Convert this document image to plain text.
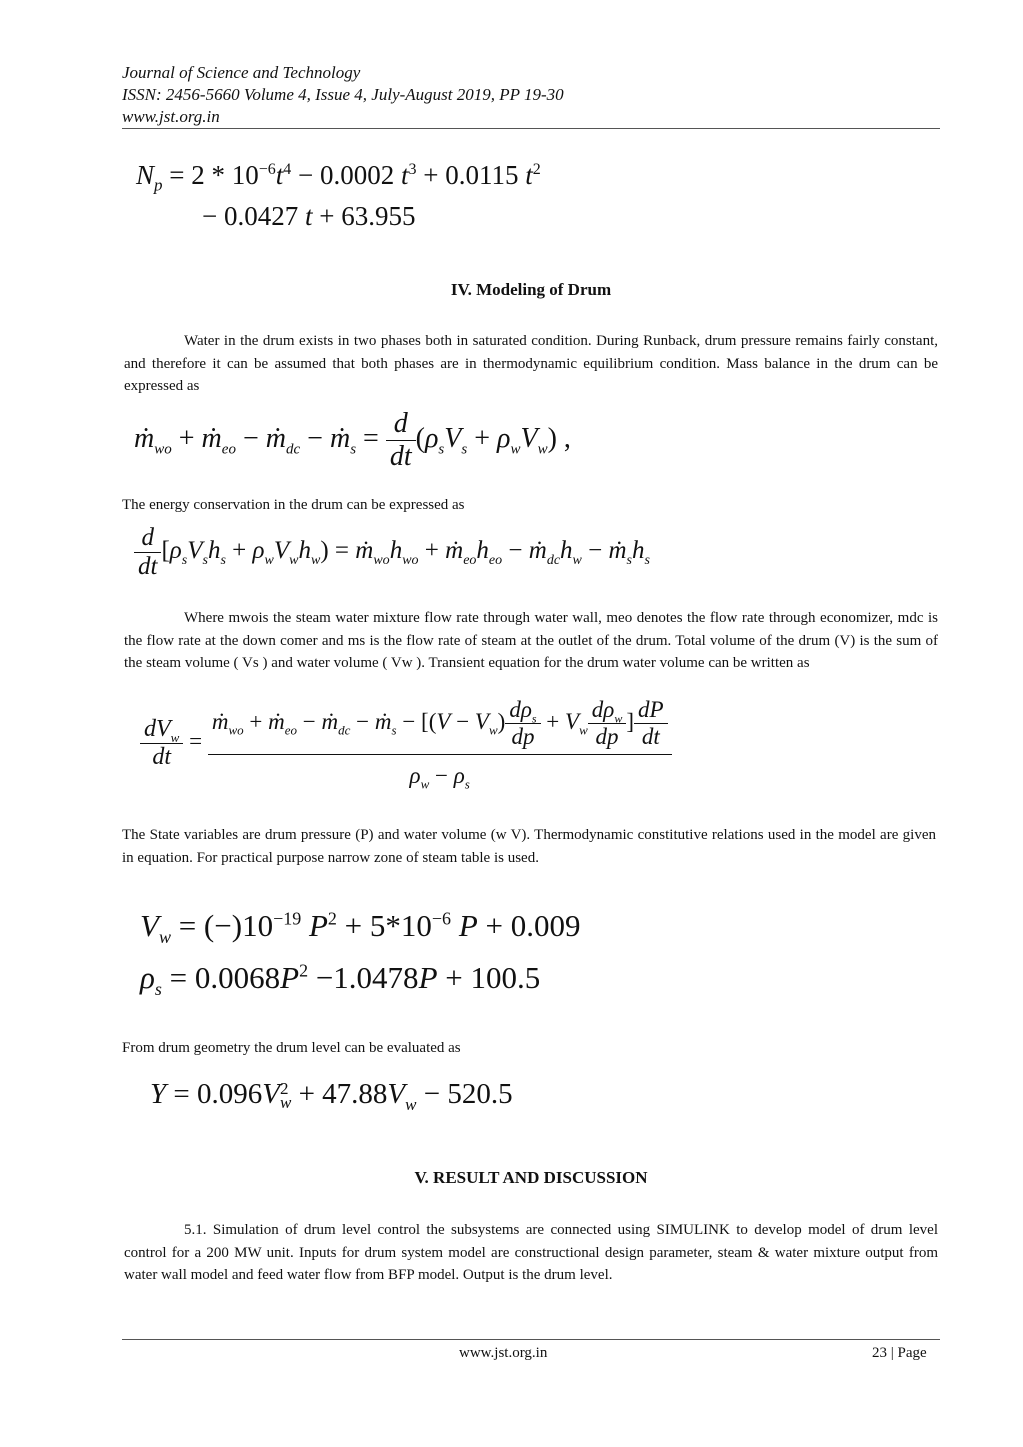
Journal of Science and Technology
ISSN: 2456-5660 Volume 4, Issue 4, July-August 2019, PP 19-30
www.jst.org.in
$N_p = 2 * 10^{-6}t^4 - 0.0002$ $t^3 + 0.0115$ $t^2$
− 0.0427 t + 63.955
IV. Modeling of Drum
Water in the drum exists in two phases both in saturated condition. During Runback, drum pressure remains fairly constant, and therefore it can be assumed that both phases are in thermodynamic equilibrium condition. Mass balance in the drum can be expressed as
ṁ$_{wo}$ + ṁ$_{eo}$ − ṁ$_{dc}$ − ṁ$_s$ = $\frac{d}{dt} (\rho_sV_s + \rho_wV_w)$ ,
The energy conservation in the drum can be expressed as
$\frac{d}{dt} [\rho_sV_sh_s + \rho_wV_wh_w)$ = $ṁ_{wo}h_{wo}$ + $ṁ_{eo}h_{eo}$ − $ṁ_{dc}h_w$ − $ṁ_sh_s$
Where mwois the steam water mixture flow rate through water wall, meo denotes the flow rate through economizer, mdc is the flow rate at the down comer and ms is the flow rate of steam at the outlet of the drum. Total volume of the drum (V) is the sum of the steam volume ( Vs ) and water volume ( Vw ). Transient equation for the drum water volume can be written as
$\frac{dV_w}{dt} = \frac{ṁ_{wo} + ṁ_{eo} - ṁ_{dc} - ṁ_s - [(V - V_w) \frac{d\rho_s}{dp} + V_w \frac{d\rho_w}{dp} ] \frac{dP}{dt}}{\rho_w - \rho_s}$
The State variables are drum pressure (P) and water volume (w V). Thermodynamic constitutive relations used in the model are given in equation. For practical purpose narrow zone of steam table is used.
$V_w = (-)10^{-19}$ $P^2 + 5*10^{-6}$ P + 0.009
$\rho_s = 0.0068P^2 -1.0478P + 100.5$
From drum geometry the drum level can be evaluated as
Y = 0.096V 2
$w + 47.88V_w - 520.5$
V. RESULT AND DISCUSSION
5.1. Simulation of drum level control the subsystems are connected using SIMULINK to develop model of drum level control for a 200 MW unit. Inputs for drum system model are constructional design parameter, steam & water mixture output from water wall model and feed water flow from BFP model. Output is the drum level.
www.jst.org.in	23 | Page
